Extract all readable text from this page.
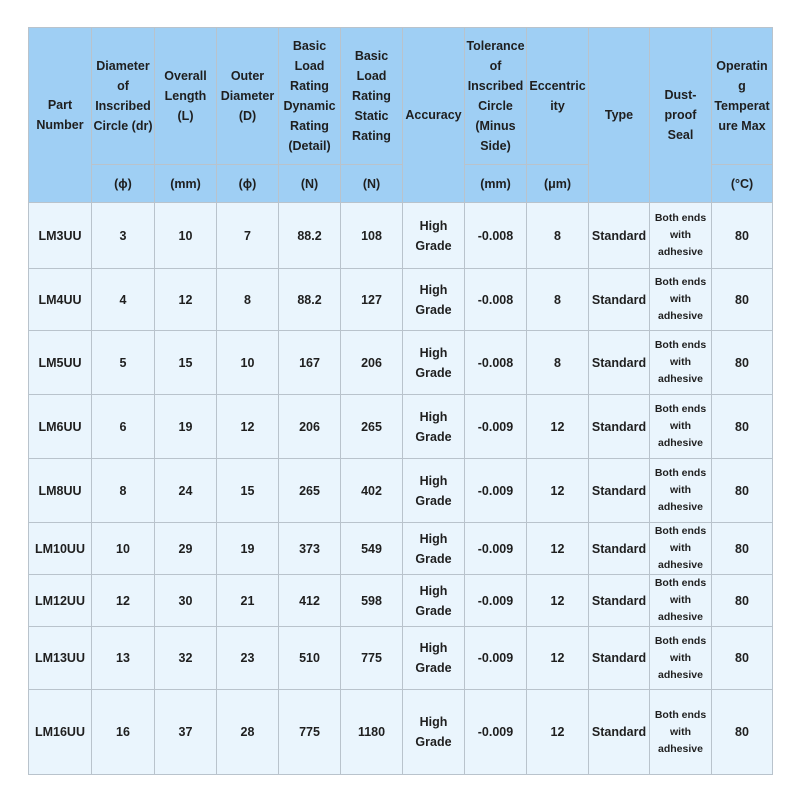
Part Number	Diameter of Inscribed Circle (dr)	Overall Length (L)	Outer Diameter (D)	Basic Load Rating Dynamic Rating (Detail)	Basic Load Rating Static Rating	Accuracy	Tolerance of Inscribed Circle (Minus Side)	Eccentricity	Type	Dust-proof Seal	Operating Temperature Max
	(ϕ)	(mm)	(ϕ)	(N)	(N)		(mm)	(μm)			(°C)
LM3UU	3	10	7	88.2	108	High Grade	-0.008	8	Standard	Both ends with adhesive	80
LM4UU	4	12	8	88.2	127	High Grade	-0.008	8	Standard	Both ends with adhesive	80
LM5UU	5	15	10	167	206	High Grade	-0.008	8	Standard	Both ends with adhesive	80
LM6UU	6	19	12	206	265	High Grade	-0.009	12	Standard	Both ends with adhesive	80
LM8UU	8	24	15	265	402	High Grade	-0.009	12	Standard	Both ends with adhesive	80
LM10UU	10	29	19	373	549	High Grade	-0.009	12	Standard	Both ends with adhesive	80
LM12UU	12	30	21	412	598	High Grade	-0.009	12	Standard	Both ends with adhesive	80
LM13UU	13	32	23	510	775	High Grade	-0.009	12	Standard	Both ends with adhesive	80
LM16UU	16	37	28	775	1180	High Grade	-0.009	12	Standard	Both ends with adhesive	80
